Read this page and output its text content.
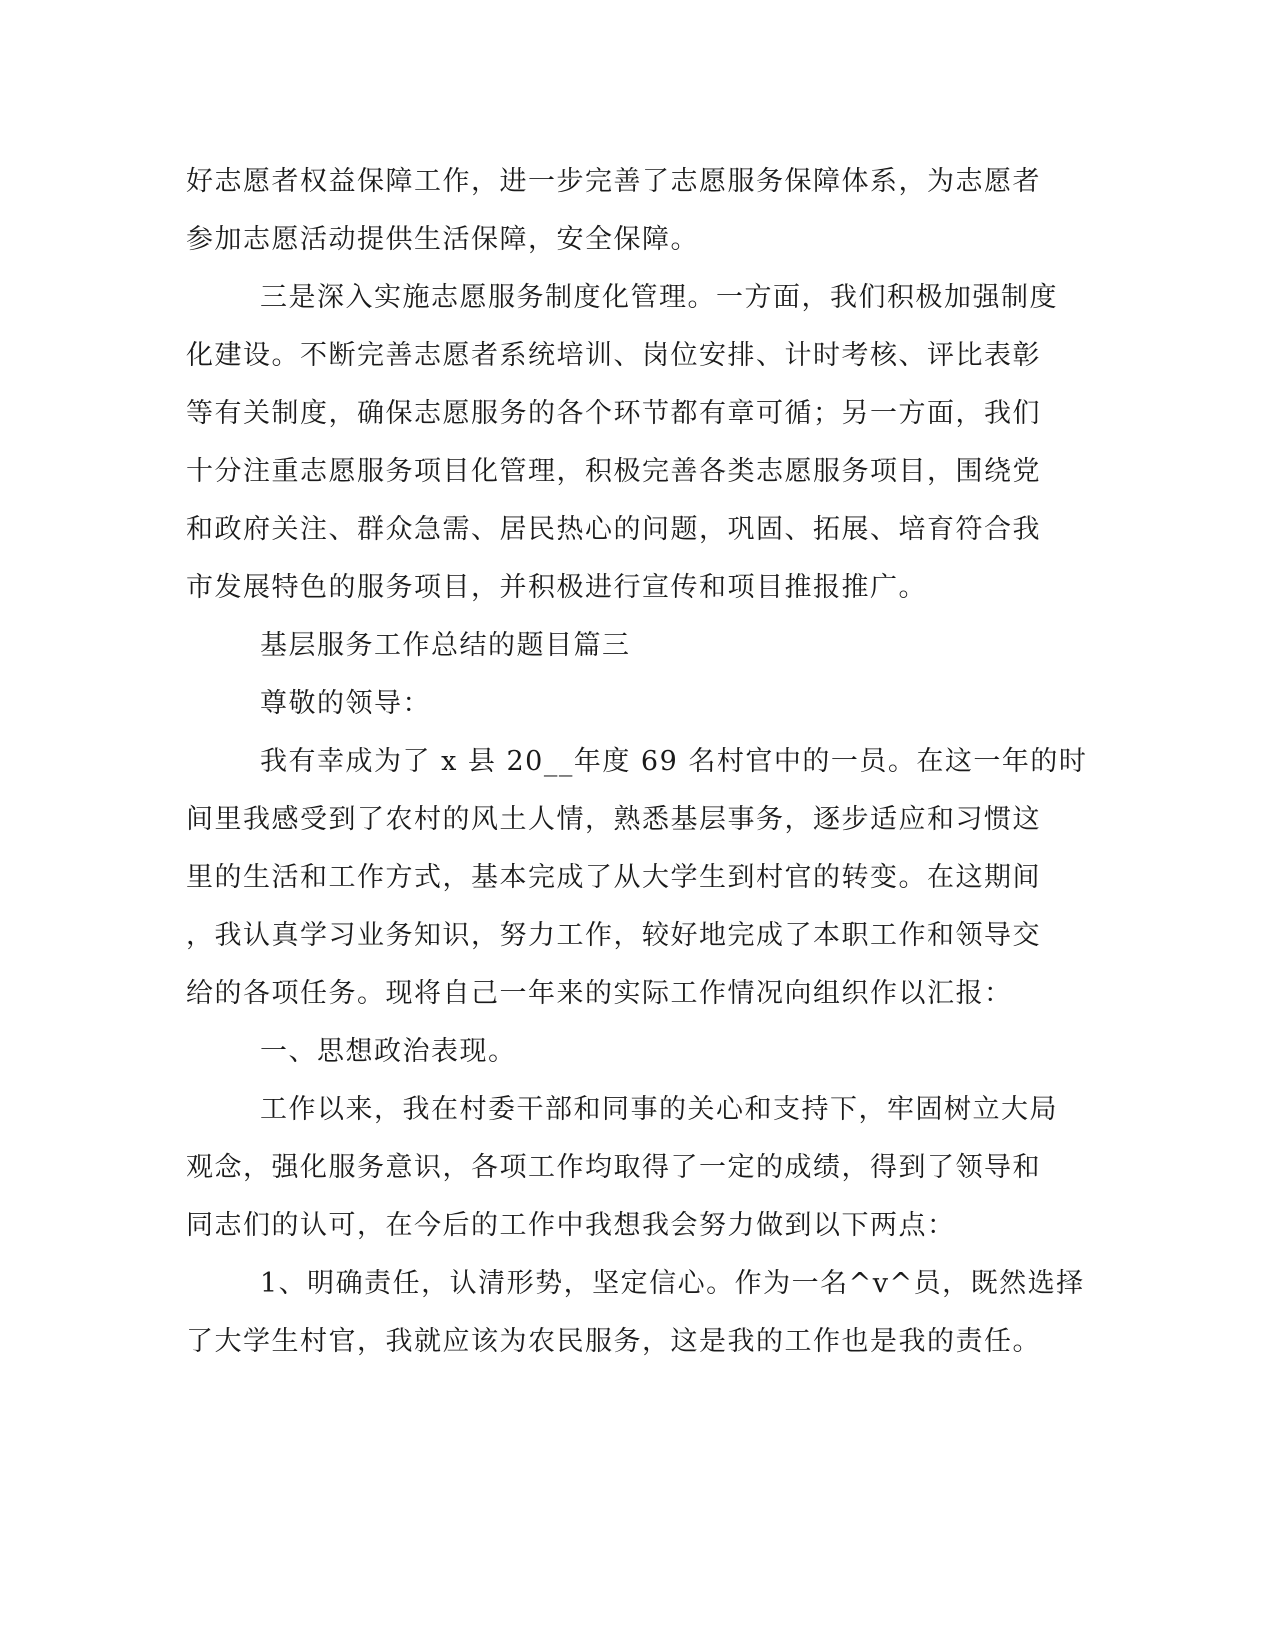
好志愿者权益保障工作，进一步完善了志愿服务保障体系，为志愿者
参加志愿活动提供生活保障，安全保障。
三是深入实施志愿服务制度化管理。一方面，我们积极加强制度
化建设。不断完善志愿者系统培训、岗位安排、计时考核、评比表彰
等有关制度，确保志愿服务的各个环节都有章可循；另一方面，我们
十分注重志愿服务项目化管理，积极完善各类志愿服务项目，围绕党
和政府关注、群众急需、居民热心的问题，巩固、拓展、培育符合我
市发展特色的服务项目，并积极进行宣传和项目推报推广。
基层服务工作总结的题目篇三
尊敬的领导：
我有幸成为了 x 县 20__年度 69 名村官中的一员。在这一年的时
间里我感受到了农村的风土人情，熟悉基层事务，逐步适应和习惯这
里的生活和工作方式，基本完成了从大学生到村官的转变。在这期间
，我认真学习业务知识，努力工作，较好地完成了本职工作和领导交
给的各项任务。现将自己一年来的实际工作情况向组织作以汇报：
一、思想政治表现。
工作以来，我在村委干部和同事的关心和支持下，牢固树立大局
观念，强化服务意识，各项工作均取得了一定的成绩，得到了领导和
同志们的认可，在今后的工作中我想我会努力做到以下两点：
1、明确责任，认清形势，坚定信心。作为一名^v^员，既然选择
了大学生村官，我就应该为农民服务，这是我的工作也是我的责任。
